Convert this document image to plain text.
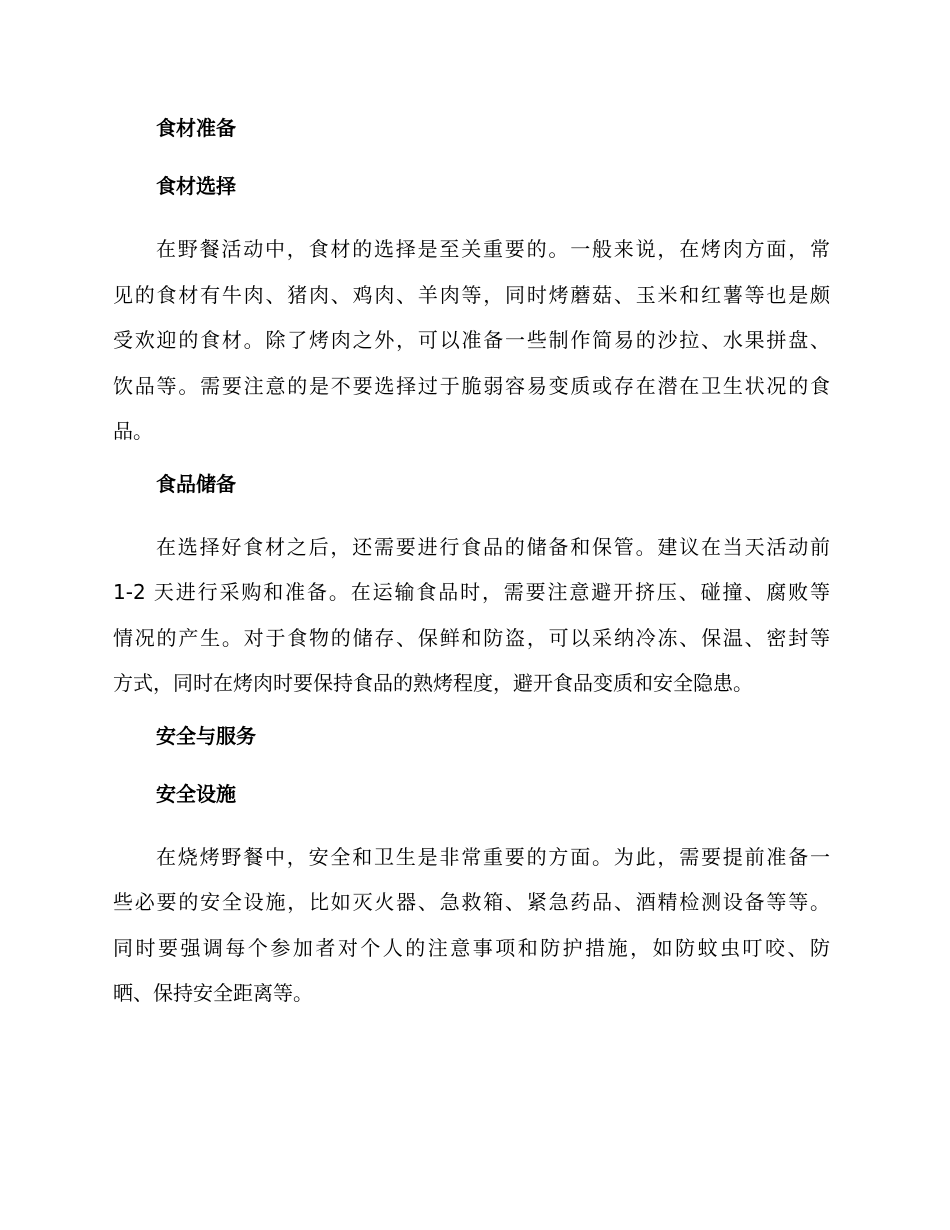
食材准备
食材选择

在野餐活动中，食材的选择是至关重要的。一般来说，在烤肉方面，常
见的食材有牛肉、猪肉、鸡肉、羊肉等，同时烤蘑菇、玉米和红薯等也是颇
受欢迎的食材。除了烤肉之外，可以准备一些制作简易的沙拉、水果拼盘、
饮品等。需要注意的是不要选择过于脆弱容易变质或存在潜在卫生状况的食
品。

食品储备

在选择好食材之后，还需要进行食品的储备和保管。建议在当天活动前
1-2 天进行采购和准备。在运输食品时，需要注意避开挤压、碰撞、腐败等
情况的产生。对于食物的储存、保鲜和防盗，可以采纳冷冻、保温、密封等
方式，同时在烤肉时要保持食品的熟烤程度，避开食品变质和安全隐患。

安全与服务
安全设施

在烧烤野餐中，安全和卫生是非常重要的方面。为此，需要提前准备一
些必要的安全设施，比如灭火器、急救箱、紧急药品、酒精检测设备等等。
同时要强调每个参加者对个人的注意事项和防护措施，如防蚊虫叮咬、防
晒、保持安全距离等。
